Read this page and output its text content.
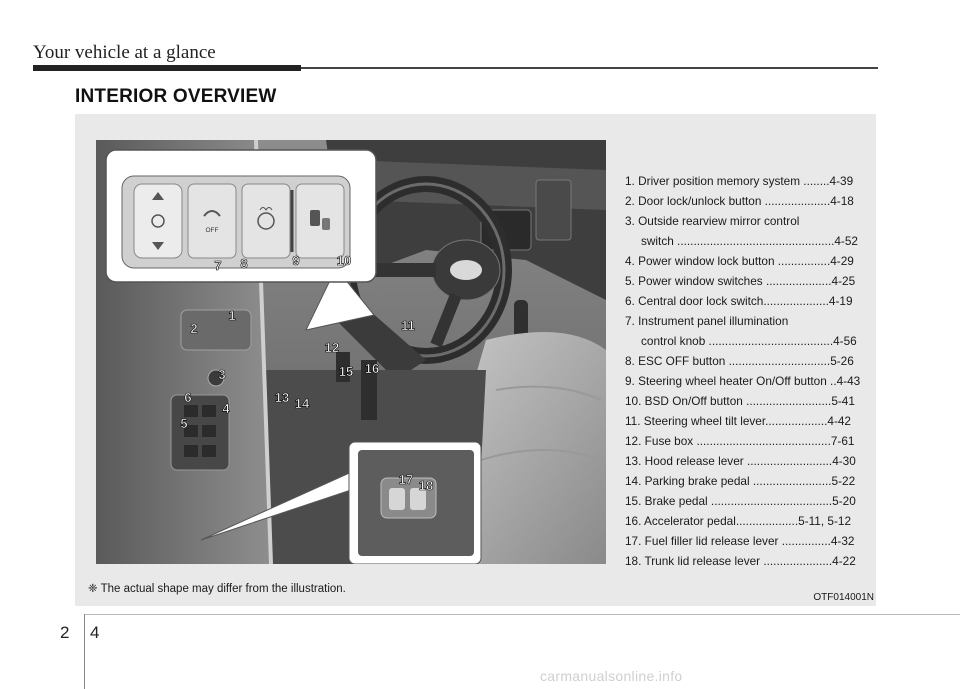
Your vehicle at a glance
INTERIOR OVERVIEW
OFF
7 8	9	10
1
2
3
4
5
6
11
12
13 14
15 16
17 18
1. Driver position memory system ........4-39
2. Door lock/unlock button ....................4-18
3. Outside rearview mirror control
switch ................................................4-52
4. Power window lock button ................4-29
5. Power window switches ....................4-25
6. Central door lock switch....................4-19
7. Instrument panel illumination
control knob ......................................4-56
8. ESC OFF button ...............................5-26
9. Steering wheel heater On/Off button ..4-43
10. BSD On/Off button ..........................5-41
11. Steering wheel tilt lever...................4-42
12. Fuse box .........................................7-61
13. Hood release lever ..........................4-30
14. Parking brake pedal ........................5-22
15. Brake pedal .....................................5-20
16. Accelerator pedal...................5-11, 5-12
17. Fuel filler lid release lever ...............4-32
18. Trunk lid release lever .....................4-22
❈ The actual shape may differ from the illustration.
OTF014001N
2 4
carmanualsonline.info
